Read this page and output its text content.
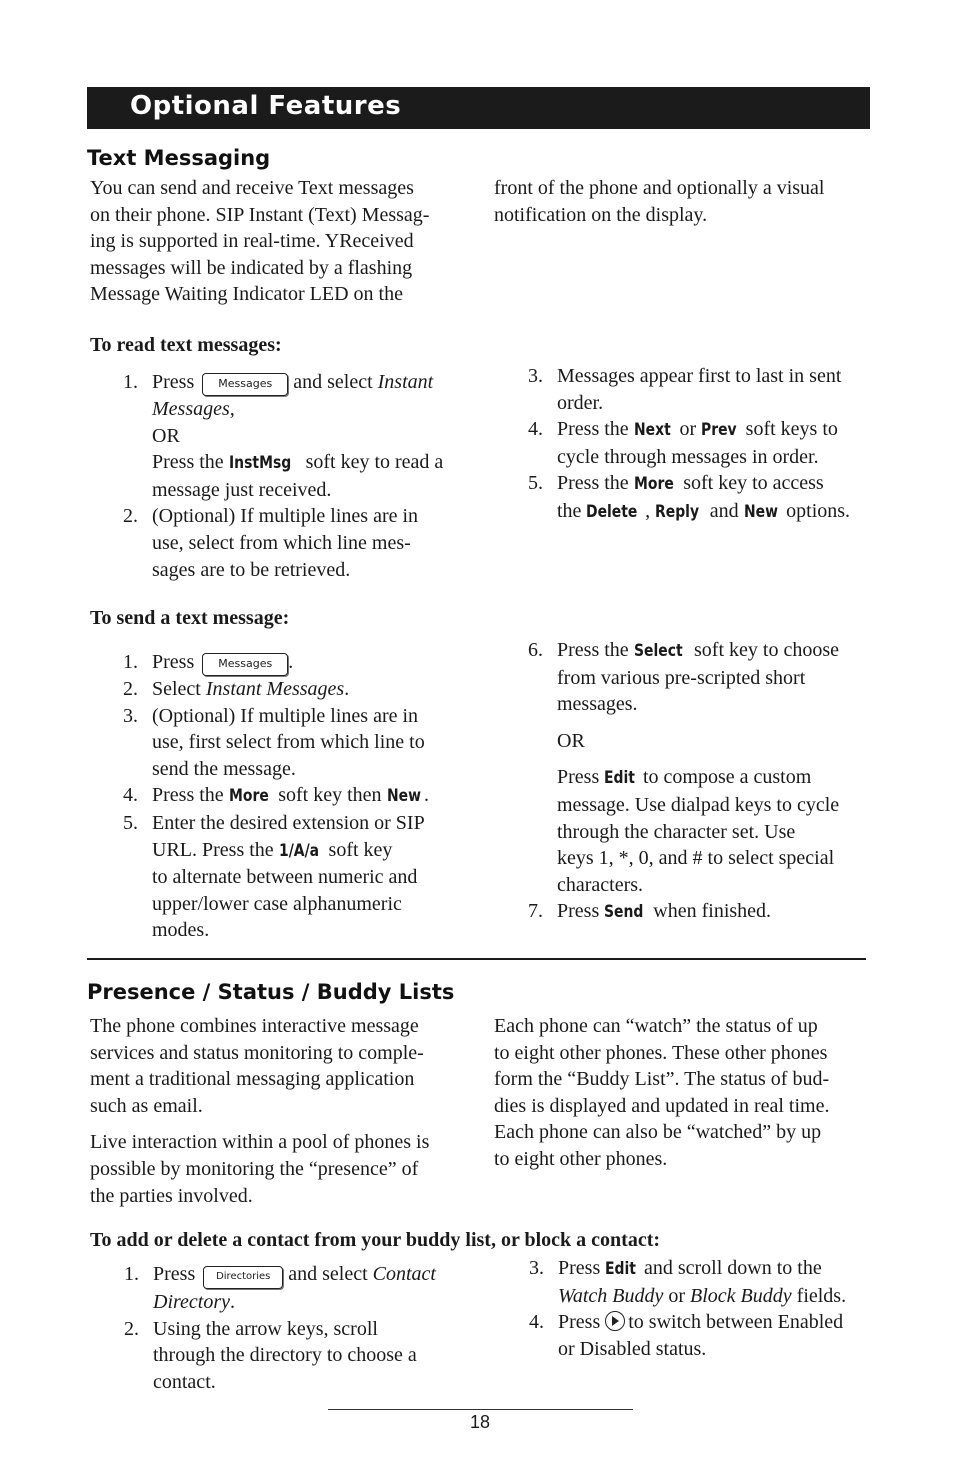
Optional Features
Text Messaging
You can send and receive Text messages
on their phone. SIP Instant (Text) Messag-
ing is supported in real-time. YReceived
messages will be indicated by a flashing
Message Waiting Indicator LED on the
front of the phone and optionally a visual
notification on the display.
To read text messages:
1. Press Messages and select Instant
Messages,
OR
Press the InstMsg soft key to read a
message just received.
2. (Optional) If multiple lines are in
use, select from which line mes-
sages are to be retrieved.
3. Messages appear first to last in sent
order.
4. Press the Next or Prev soft keys to
cycle through messages in order.
5. Press the More soft key to access
the Delete , Reply and New options.
To send a text message:
1. Press Messages .
2. Select Instant Messages.
3. (Optional) If multiple lines are in
use, first select from which line to
send the message.
4. Press the More soft key then New .
5. Enter the desired extension or SIP
URL. Press the 1/A/a soft key
to alternate between numeric and
upper/lower case alphanumeric
modes.
6. Press the Select soft key to choose
from various pre-scripted short
messages.
OR
Press Edit to compose a custom
message. Use dialpad keys to cycle
through the character set. Use
keys 1, *, 0, and # to select special
characters.
7. Press Send when finished.
Presence / Status / Buddy Lists
The phone combines interactive message
services and status monitoring to comple-
ment a traditional messaging application
such as email.
Live interaction within a pool of phones is
possible by monitoring the “presence” of
the parties involved.
Each phone can “watch” the status of up
to eight other phones. These other phones
form the “Buddy List”. The status of bud-
dies is displayed and updated in real time.
Each phone can also be “watched” by up
to eight other phones.
To add or delete a contact from your buddy list, or block a contact:
1. Press Directories and select Contact
Directory.
2. Using the arrow keys, scroll
through the directory to choose a
contact.
3. Press Edit and scroll down to the
Watch Buddy or Block Buddy fields.
4. Press to switch between Enabled
or Disabled status.
18
